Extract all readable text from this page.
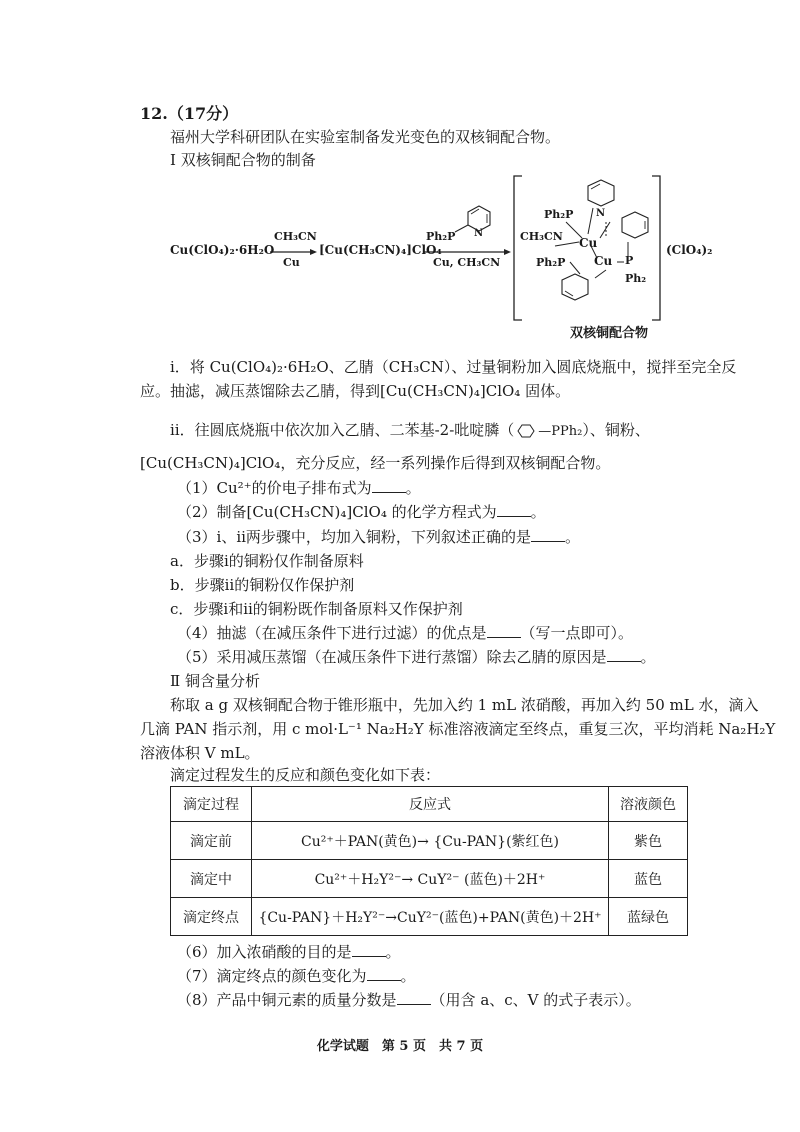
12.（17分）
福州大学科研团队在实验室制备发光变色的双核铜配合物。
Ⅰ 双核铜配合物的制备
Cu(ClO₄)₂·6H₂O
CH₃CN
Cu
[Cu(CH₃CN)₄]ClO₄
Ph₂P N
Cu, CH₃CN
Ph₂P
CH₃CN Cu
Cu
Ph₂P	P
Ph₂
N
(ClO₄)₂
双核铜配合物
ⅰ．将 Cu(ClO₄)₂·6H₂O、乙腈（CH₃CN）、过量铜粉加入圆底烧瓶中，搅拌至完全反
应。抽滤，减压蒸馏除去乙腈，得到[Cu(CH₃CN)₄]ClO₄ 固体。
ⅱ．往圆底烧瓶中依次加入乙腈、二苯基-2-吡啶膦（ —PPh₂）、铜粉、
[Cu(CH₃CN)₄]ClO₄，充分反应，经一系列操作后得到双核铜配合物。
（1）Cu²⁺的价电子排布式为 。
（2）制备[Cu(CH₃CN)₄]ClO₄ 的化学方程式为 。
（3）ⅰ、ⅱ两步骤中，均加入铜粉，下列叙述正确的是 。
a．步骤ⅰ的铜粉仅作制备原料
b．步骤ⅱ的铜粉仅作保护剂
c．步骤ⅰ和ⅱ的铜粉既作制备原料又作保护剂
（4）抽滤（在减压条件下进行过滤）的优点是 （写一点即可）。
（5）采用减压蒸馏（在减压条件下进行蒸馏）除去乙腈的原因是 。
Ⅱ 铜含量分析
称取 a g 双核铜配合物于锥形瓶中，先加入约 1 mL 浓硝酸，再加入约 50 mL 水，滴入
几滴 PAN 指示剂，用 c mol·L⁻¹ Na₂H₂Y 标准溶液滴定至终点，重复三次，平均消耗 Na₂H₂Y
溶液体积 V mL。
滴定过程发生的反应和颜色变化如下表：
滴定过程	反应式	溶液颜色
滴定前	Cu²⁺＋PAN(黄色)→ {Cu-PAN}(紫红色)	紫色
滴定中	Cu²⁺＋H₂Y²⁻→ CuY²⁻ (蓝色)＋2H⁺	蓝色
滴定终点	{Cu-PAN}＋H₂Y²⁻→CuY²⁻(蓝色)+PAN(黄色)＋2H⁺	蓝绿色
（6）加入浓硝酸的目的是 。
（7）滴定终点的颜色变化为 。
（8）产品中铜元素的质量分数是 （用含 a、c、V 的式子表示）。
化学试题　第 5 页　共 7 页
